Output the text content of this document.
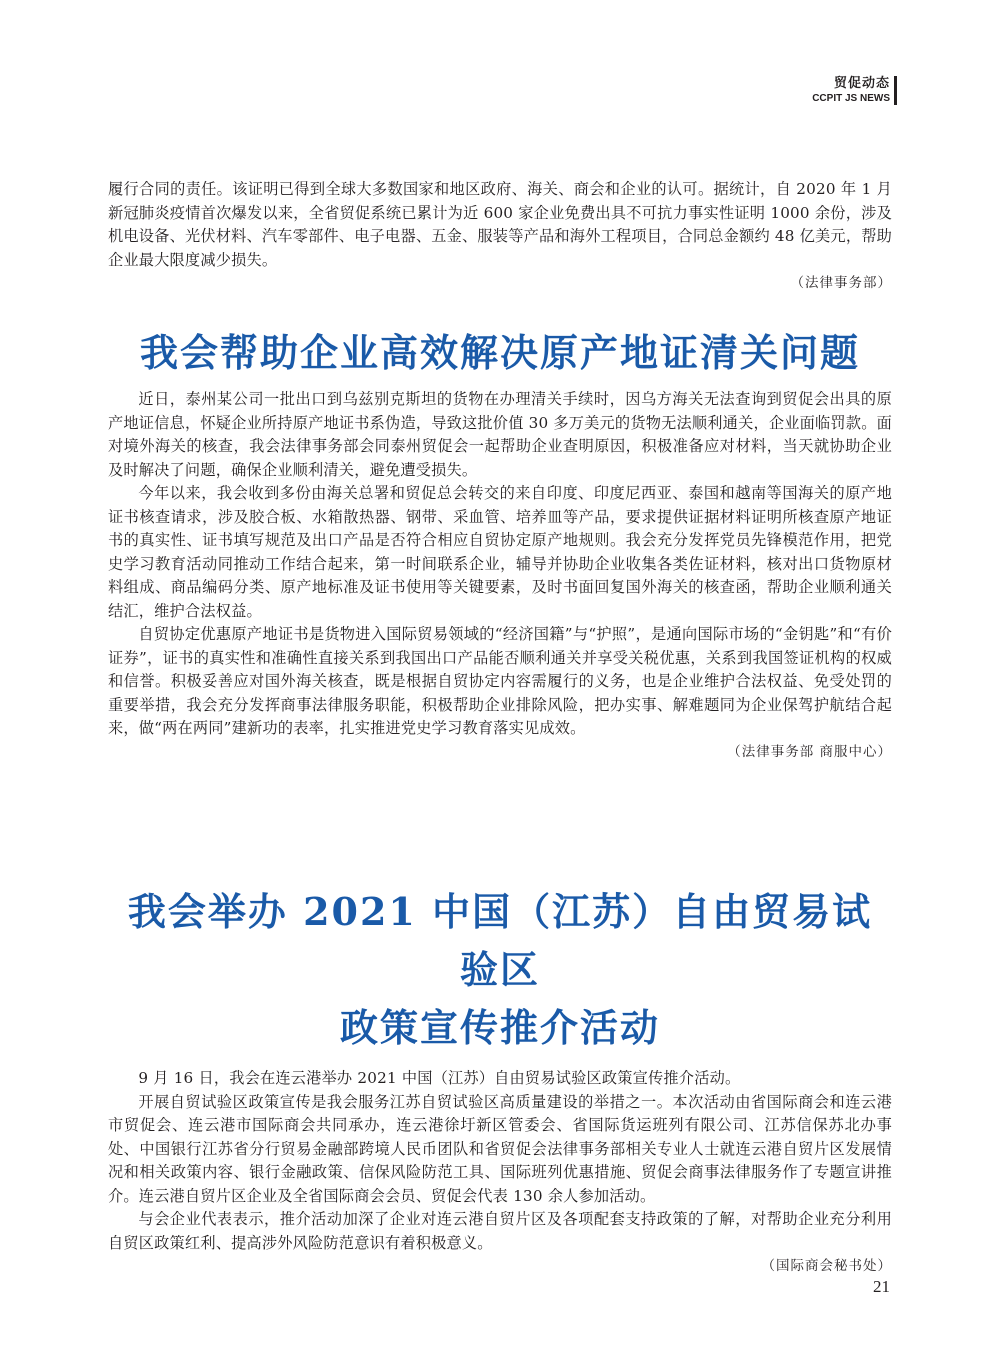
贸促动态
CCPIT JS NEWS

履行合同的责任。该证明已得到全球大多数国家和地区政府、海关、商会和企业的认可。据统计，自 2020 年 1 月新冠肺炎疫情首次爆发以来，全省贸促系统已累计为近 600 家企业免费出具不可抗力事实性证明 1000 余份，涉及机电设备、光伏材料、汽车零部件、电子电器、五金、服装等产品和海外工程项目，合同总金额约 48 亿美元，帮助企业最大限度减少损失。

（法律事务部）

我会帮助企业高效解决原产地证清关问题

近日，泰州某公司一批出口到乌兹别克斯坦的货物在办理清关手续时，因乌方海关无法查询到贸促会出具的原产地证信息，怀疑企业所持原产地证书系伪造，导致这批价值 30 多万美元的货物无法顺利通关，企业面临罚款。面对境外海关的核查，我会法律事务部会同泰州贸促会一起帮助企业查明原因，积极准备应对材料，当天就协助企业及时解决了问题，确保企业顺利清关，避免遭受损失。

今年以来，我会收到多份由海关总署和贸促总会转交的来自印度、印度尼西亚、泰国和越南等国海关的原产地证书核查请求，涉及胶合板、水箱散热器、钢带、采血管、培养皿等产品，要求提供证据材料证明所核查原产地证书的真实性、证书填写规范及出口产品是否符合相应自贸协定原产地规则。我会充分发挥党员先锋模范作用，把党史学习教育活动同推动工作结合起来，第一时间联系企业，辅导并协助企业收集各类佐证材料，核对出口货物原材料组成、商品编码分类、原产地标准及证书使用等关键要素，及时书面回复国外海关的核查函，帮助企业顺利通关结汇，维护合法权益。

自贸协定优惠原产地证书是货物进入国际贸易领域的“经济国籍”与“护照”，是通向国际市场的“金钥匙”和“有价证券”，证书的真实性和准确性直接关系到我国出口产品能否顺利通关并享受关税优惠，关系到我国签证机构的权威和信誉。积极妥善应对国外海关核查，既是根据自贸协定内容需履行的义务，也是企业维护合法权益、免受处罚的重要举措，我会充分发挥商事法律服务职能，积极帮助企业排除风险，把办实事、解难题同为企业保驾护航结合起来，做“两在两同”建新功的表率，扎实推进党史学习教育落实见成效。

（法律事务部 商服中心）

我会举办 2021 中国（江苏）自由贸易试验区
政策宣传推介活动

9 月 16 日，我会在连云港举办 2021 中国（江苏）自由贸易试验区政策宣传推介活动。

开展自贸试验区政策宣传是我会服务江苏自贸试验区高质量建设的举措之一。本次活动由省国际商会和连云港市贸促会、连云港市国际商会共同承办，连云港徐圩新区管委会、省国际货运班列有限公司、江苏信保苏北办事处、中国银行江苏省分行贸易金融部跨境人民币团队和省贸促会法律事务部相关专业人士就连云港自贸片区发展情况和相关政策内容、银行金融政策、信保风险防范工具、国际班列优惠措施、贸促会商事法律服务作了专题宣讲推介。连云港自贸片区企业及全省国际商会会员、贸促会代表 130 余人参加活动。

与会企业代表表示，推介活动加深了企业对连云港自贸片区及各项配套支持政策的了解，对帮助企业充分利用自贸区政策红利、提高涉外风险防范意识有着积极意义。

（国际商会秘书处）

21
